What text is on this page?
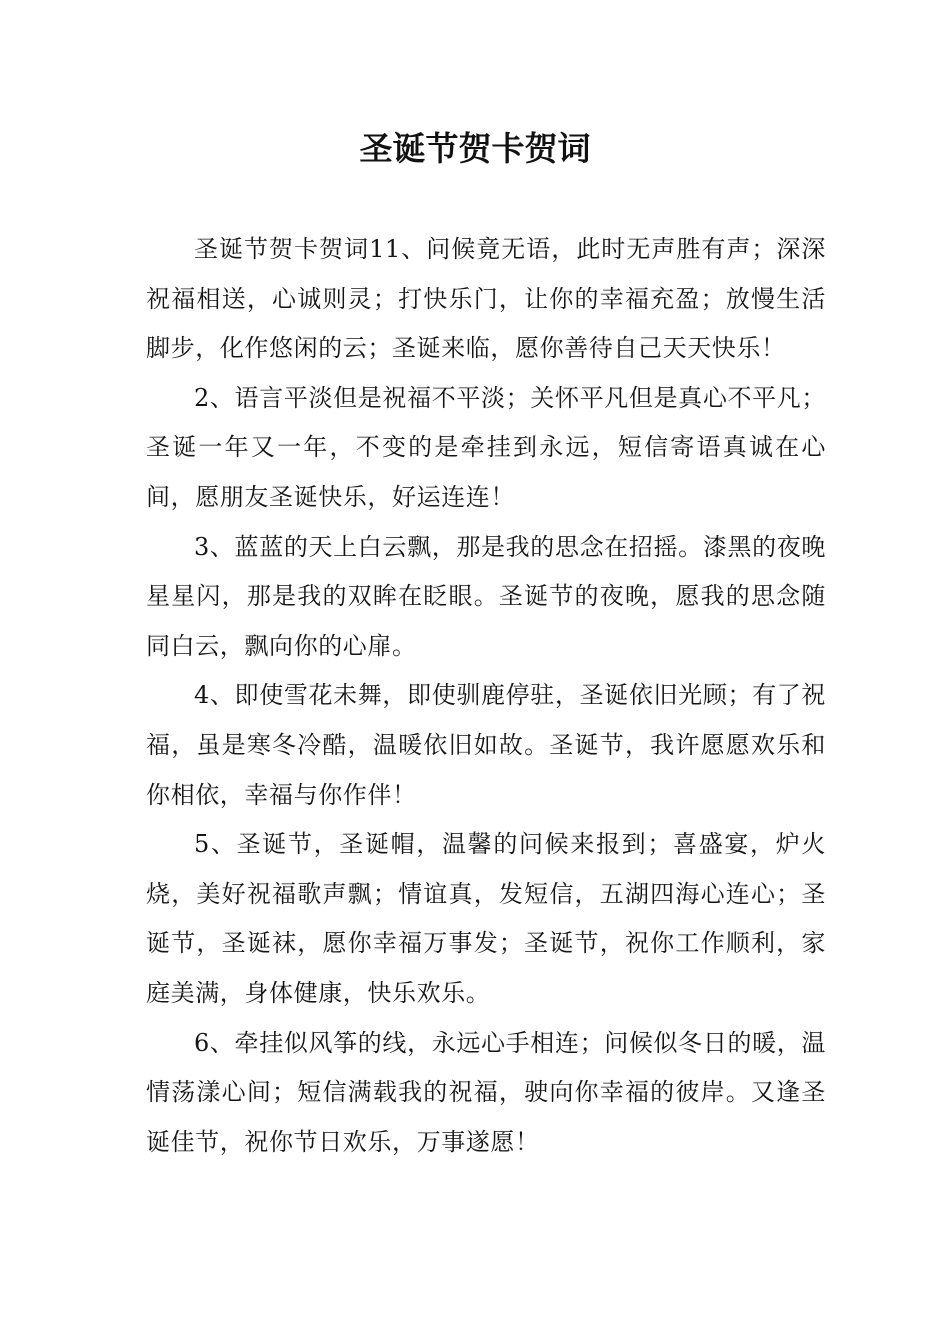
圣诞节贺卡贺词

圣诞节贺卡贺词11、问候竟无语，此时无声胜有声；深深祝福相送，心诚则灵；打快乐门，让你的幸福充盈；放慢生活脚步，化作悠闲的云；圣诞来临，愿你善待自己天天快乐！

2、语言平淡但是祝福不平淡；关怀平凡但是真心不平凡；圣诞一年又一年，不变的是牵挂到永远，短信寄语真诚在心间，愿朋友圣诞快乐，好运连连！

3、蓝蓝的天上白云飘，那是我的思念在招摇。漆黑的夜晚星星闪，那是我的双眸在眨眼。圣诞节的夜晚，愿我的思念随同白云，飘向你的心扉。

4、即使雪花未舞，即使驯鹿停驻，圣诞依旧光顾；有了祝福，虽是寒冬冷酷，温暖依旧如故。圣诞节，我许愿愿欢乐和你相依，幸福与你作伴！

5、圣诞节，圣诞帽，温馨的问候来报到；喜盛宴，炉火烧，美好祝福歌声飘；情谊真，发短信，五湖四海心连心；圣诞节，圣诞袜，愿你幸福万事发；圣诞节，祝你工作顺利，家庭美满，身体健康，快乐欢乐。

6、牵挂似风筝的线，永远心手相连；问候似冬日的暖，温情荡漾心间；短信满载我的祝福，驶向你幸福的彼岸。又逢圣诞佳节，祝你节日欢乐，万事遂愿！
